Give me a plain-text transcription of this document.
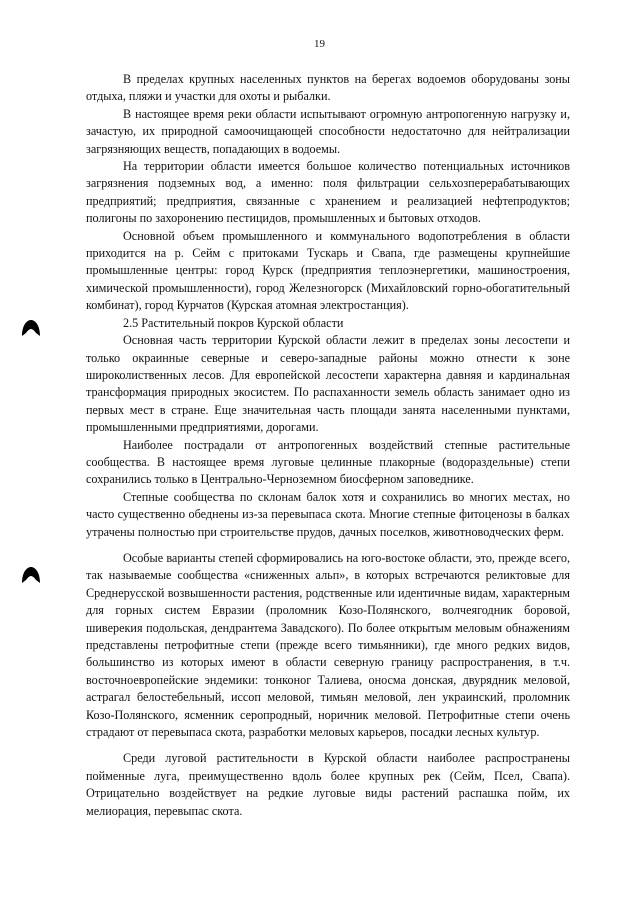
19

В пределах крупных населенных пунктов на берегах водоемов оборудованы зоны отдыха, пляжи и участки для охоты и рыбалки.

В настоящее время реки области испытывают огромную антропогенную нагрузку и, зачастую, их природной самоочищающей способности недостаточно для нейтрализации загрязняющих веществ, попадающих в водоемы.

На территории области имеется большое количество потенциальных источников загрязнения подземных вод, а именно: поля фильтрации сельхозперерабатывающих предприятий; предприятия, связанные с хранением и реализацией нефтепродуктов; полигоны по захоронению пестицидов, промышленных и бытовых отходов.

Основной объем промышленного и коммунального водопотребления в области приходится на р. Сейм с притоками Тускарь и Свапа, где размещены крупнейшие промышленные центры: город Курск (предприятия теплоэнергетики, машиностроения, химической промышленности), город Железногорск (Михайловский горно-обогатительный комбинат), город Курчатов (Курская атомная электростанция).

2.5 Растительный покров Курской области

Основная часть территории Курской области лежит в пределах зоны лесостепи и только окраинные северные и северо-западные районы можно отнести к зоне широколиственных лесов. Для европейской лесостепи характерна давняя и кардинальная трансформация природных экосистем. По распаханности земель область занимает одно из первых мест в стране. Еще значительная часть площади занята населенными пунктами, промышленными предприятиями, дорогами.

Наиболее пострадали от антропогенных воздействий степные растительные сообщества. В настоящее время луговые целинные плакорные (водораздельные) степи сохранились только в Центрально-Черноземном биосферном заповеднике.

Степные сообщества по склонам балок хотя и сохранились во многих местах, но часто существенно обеднены из-за перевыпаса скота. Многие степные фитоценозы в балках утрачены полностью при строительстве прудов, дачных поселков, животноводческих ферм.

Особые варианты степей сформировались на юго-востоке области, это, прежде всего, так называемые сообщества «сниженных альп», в которых встречаются реликтовые для Среднерусской возвышенности растения, родственные или идентичные видам, характерным для горных систем Евразии (проломник Козо-Полянского, волчеягодник боровой, шиверекия подольская, дендрантема Завадского). По более открытым меловым обнажениям представлены петрофитные степи (прежде всего тимьянники), где много редких видов, большинство из которых имеют в области северную границу распространения, в т.ч. восточноевропейские эндемики: тонконог Талиева, оносма донская, двурядник меловой, астрагал белостебельный, иссоп меловой, тимьян меловой, лен украинский, проломник Козо-Полянского, ясменник серопродный, норичник меловой. Петрофитные степи очень страдают от перевыпаса скота, разработки меловых карьеров, посадки лесных культур.

Среди луговой растительности в Курской области наиболее распространены пойменные луга, преимущественно вдоль более крупных рек (Сейм, Псел, Свапа). Отрицательно воздействует на редкие луговые виды растений распашка пойм, их мелиорация, перевыпас скота.
